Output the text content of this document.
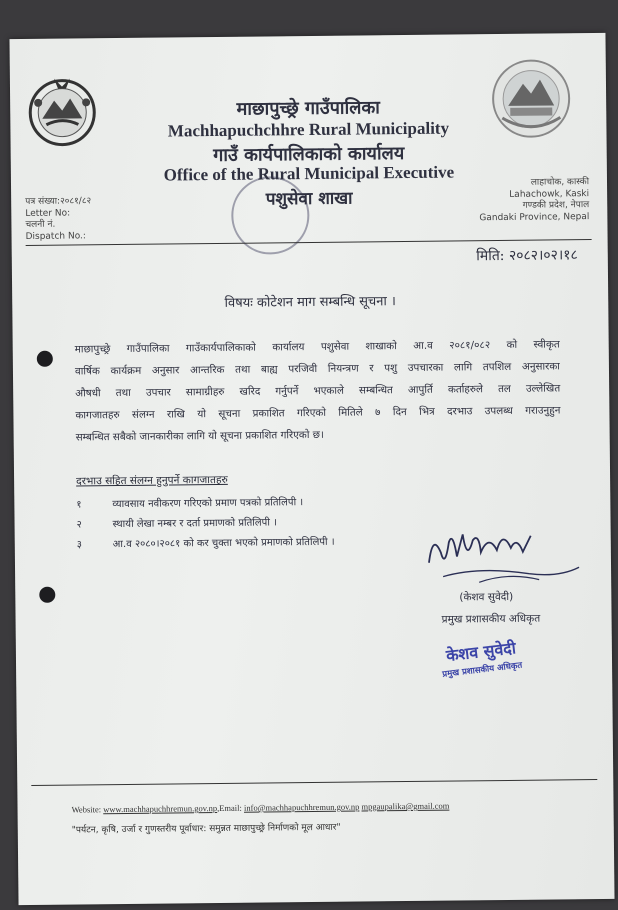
माछापुच्छ्रे गाउँपालिका
Machhapuchchhre Rural Municipality
गाउँ कार्यपालिकाको कार्यालय
Office of the Rural Municipal Executive
पशुसेवा शाखा
पत्र संख्या:२०८१/८२
Letter No:
चलनी नं.
Dispatch No.:
लाहाचोक, कास्की
Lahachowk, Kaski
गण्डकी प्रदेश, नेपाल
Gandaki Province, Nepal
मिति: २०८२।०२।१८
विषयः कोटेशन माग सम्बन्धि सूचना ।
माछापुच्छ्रे गाउँपालिका गाउँकार्यपालिकाको कार्यालय पशुसेवा शाखाको आ.व २०८१/०८२ को स्वीकृत
वार्षिक कार्यक्रम अनुसार आन्तरिक तथा बाह्य परजिवी नियन्त्रण र पशु उपचारका लागि तपशिल अनुसारका
औषधी तथा उपचार सामाग्रीहरु खरिद गर्नुपर्ने भएकाले सम्बन्धित आपुर्ति कर्ताहरुले तल उल्लेखित
कागजातहरु संलग्न राखि यो सूचना प्रकाशित गरिएको मितिले ७ दिन भित्र दरभाउ उपलब्ध गराउनुहुन
सम्बन्धित सबैको जानकारीका लागि यो सूचना प्रकाशित गरिएको छ।
दरभाउ सहित संलग्न हुनुपर्ने कागजातहरु
१	व्यावसाय नवीकरण गरिएको प्रमाण पत्रको प्रतिलिपी ।
२	स्थायी लेखा नम्बर र दर्ता प्रमाणको प्रतिलिपी ।
३	आ.व २०८०।२०८१ को कर चुक्ता भएको प्रमाणको प्रतिलिपी ।
(केशव सुवेदी)
प्रमुख प्रशासकीय अधिकृत
केशव सुवेदी
प्रमुख प्रशासकीय अधिकृत
Website: www.machhapuchhremun.gov.np,Email: info@machhapuchhremun.gov.np mpgaupalika@gmail.com
"पर्यटन, कृषि, उर्जा र गुणस्तरीय पूर्वाधार: समुन्नत माछापुच्छ्रे निर्माणको मूल आधार"
